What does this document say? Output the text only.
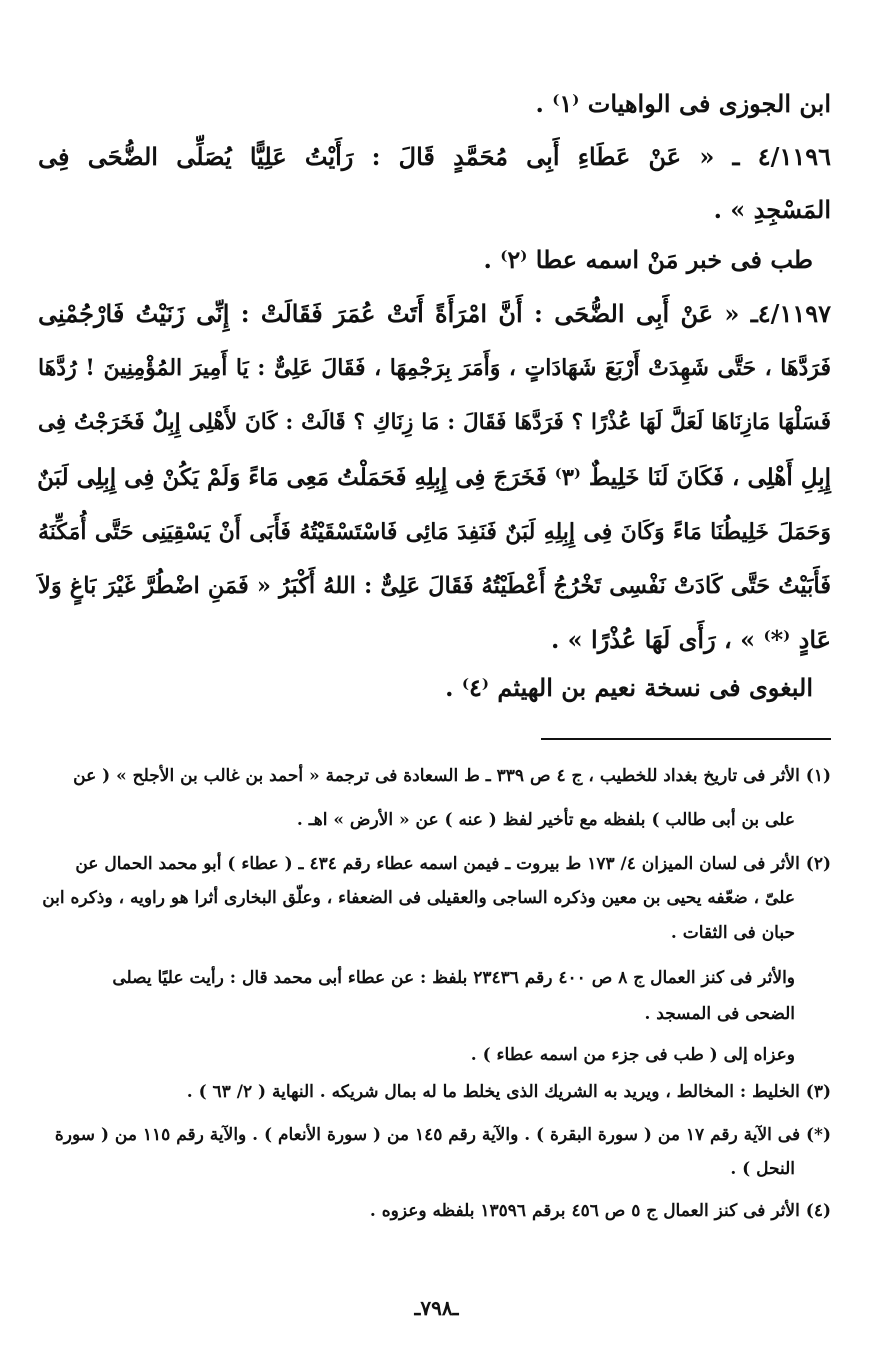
ابن الجوزى فى الواهيات ⁽١⁾ .
٤/١١٩٦ ـ « عَنْ عَطَاءِ أَبِى مُحَمَّدٍ قَالَ : رَأَيْتُ عَلِيًّا يُصَلِّى الضُّحَى فِى
المَسْجِدِ » .
طب فى خبر مَنْ اسمه عطا ⁽٢⁾ .
٤/١١٩٧ـ « عَنْ أَبِى الضُّحَى : أَنَّ امْرَأَةً أَتَتْ عُمَرَ فَقَالَتْ : إِنِّى زَنَيْتُ فَارْجُمْنِى
فَرَدَّهَا ، حَتَّى شَهِدَتْ أَرْبَعَ شَهَادَاتٍ ، وَأَمَرَ بِرَجْمِهَا ، فَقَالَ عَلِىٌّ : يَا أَمِيرَ المُؤْمِنِينَ ! رُدَّهَا
فَسَلْهَا مَازِنَاهَا لَعَلَّ لَهَا عُذْرًا ؟ فَرَدَّهَا فَقَالَ : مَا زِنَاكِ ؟ قَالَتْ : كَانَ لأَهْلِى إِبِلٌ فَخَرَجْتُ فِى
إِبِلِ أَهْلِى ، فَكَانَ لَنَا خَلِيطٌ ⁽٣⁾ فَخَرَجَ فِى إِبِلِهِ فَحَمَلْتُ مَعِى مَاءً وَلَمْ يَكُنْ فِى إِبِلِى لَبَنٌ
وَحَمَلَ خَلِيطُنَا مَاءً وَكَانَ فِى إِبِلِهِ لَبَنٌ فَنَفِدَ مَائِى فَاسْتَسْقَيْتُهُ فَأَبَى أَنْ يَسْقِيَنِى حَتَّى أُمَكِّنَهُ
فَأَبَيْتُ حَتَّى كَادَتْ نَفْسِى تَخْرُجُ أَعْطَيْتُهُ فَقَالَ عَلِىٌّ : اللهُ أَكْبَرُ « فَمَنِ اضْطُرَّ غَيْرَ بَاغٍ وَلاَ
عَادٍ ⁽*⁾ » ، رَأَى لَهَا عُذْرًا » .
البغوى فى نسخة نعيم بن الهيثم ⁽٤⁾ .
(١) الأثر فى تاريخ بغداد للخطيب ، ج ٤ ص ٣٣٩ ـ ط السعادة فى ترجمة « أحمد بن غالب بن الأجلح » ( عن
على بن أبى طالب ) بلفظه مع تأخير لفظ ( عنه ) عن « الأرض » اهـ .
(٢) الأثر فى لسان الميزان ٤/ ١٧٣ ط بيروت ـ فيمن اسمه عطاء رقم ٤٣٤ ـ ( عطاء ) أبو محمد الحمال عن
علىّ ، ضعّفه يحيى بن معين وذكره الساجى والعقيلى فى الضعفاء ، وعلّق البخارى أثرا هو راويه ، وذكره ابن
حبان فى الثقات .
والأثر فى كنز العمال ج ٨ ص ٤٠٠ رقم ٢٣٤٣٦ بلفظ : عن عطاء أبى محمد قال : رأيت عليًا يصلى
الضحى فى المسجد .
وعزاه إلى ( طب فى جزء من اسمه عطاء ) .
(٣) الخليط : المخالط ، ويريد به الشريك الذى يخلط ما له بمال شريكه . النهاية ( ٢/ ٦٣ ) .
(*) فى الآية رقم ١٧ من ( سورة البقرة ) . والآية رقم ١٤٥ من ( سورة الأنعام ) . والآية رقم ١١٥ من ( سورة
النحل ) .
(٤) الأثر فى كنز العمال ج ٥ ص ٤٥٦ برقم ١٣٥٩٦ بلفظه وعزوه .
ـ٧٩٨ـ
